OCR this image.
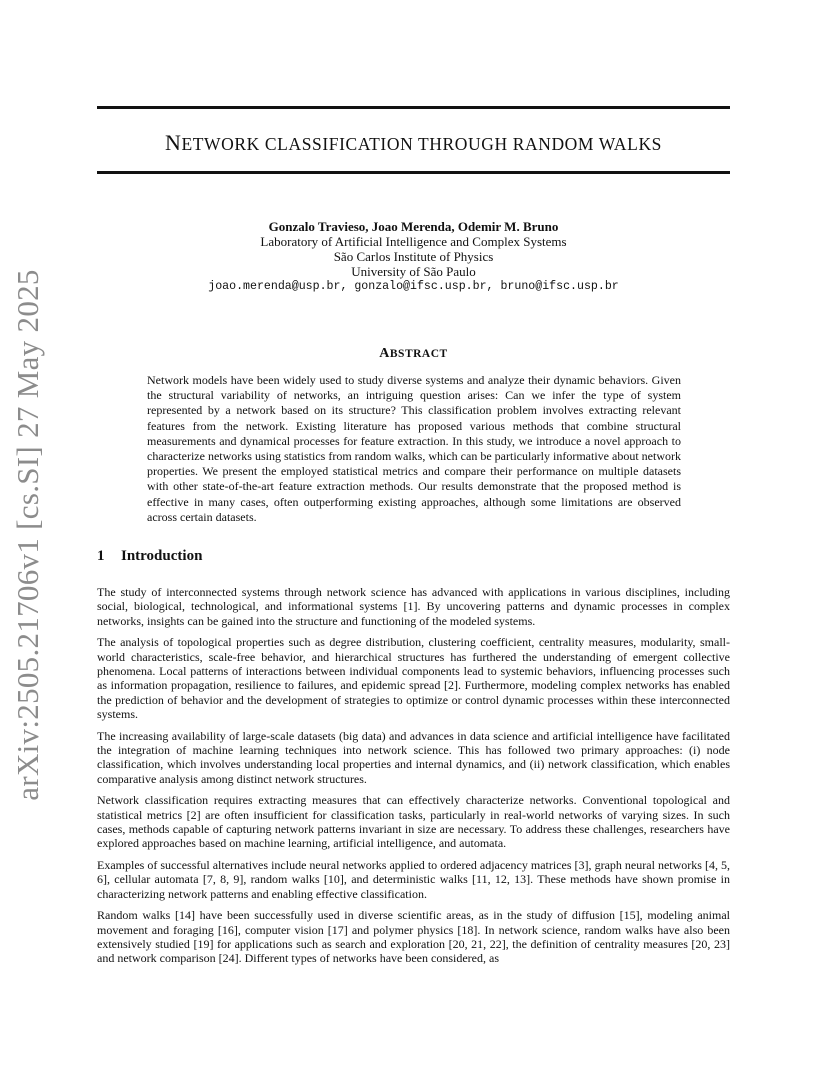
arXiv:2505.21706v1 [cs.SI] 27 May 2025
NETWORK CLASSIFICATION THROUGH RANDOM WALKS
Gonzalo Travieso, Joao Merenda, Odemir M. Bruno
Laboratory of Artificial Intelligence and Complex Systems
São Carlos Institute of Physics
University of São Paulo
joao.merenda@usp.br, gonzalo@ifsc.usp.br, bruno@ifsc.usp.br
ABSTRACT
Network models have been widely used to study diverse systems and analyze their dynamic behaviors. Given the structural variability of networks, an intriguing question arises: Can we infer the type of system represented by a network based on its structure? This classification problem involves extracting relevant features from the network. Existing literature has proposed various methods that combine structural measurements and dynamical processes for feature extraction. In this study, we introduce a novel approach to characterize networks using statistics from random walks, which can be particularly informative about network properties. We present the employed statistical metrics and compare their performance on multiple datasets with other state-of-the-art feature extraction methods. Our results demonstrate that the proposed method is effective in many cases, often outperforming existing approaches, although some limitations are observed across certain datasets.
1 Introduction

The study of interconnected systems through network science has advanced with applications in various disciplines, including social, biological, technological, and informational systems [1]. By uncovering patterns and dynamic processes in complex networks, insights can be gained into the structure and functioning of the modeled systems.

The analysis of topological properties such as degree distribution, clustering coefficient, centrality measures, modularity, small-world characteristics, scale-free behavior, and hierarchical structures has furthered the understanding of emergent collective phenomena. Local patterns of interactions between individual components lead to systemic behaviors, influencing processes such as information propagation, resilience to failures, and epidemic spread [2]. Furthermore, modeling complex networks has enabled the prediction of behavior and the development of strategies to optimize or control dynamic processes within these interconnected systems.

The increasing availability of large-scale datasets (big data) and advances in data science and artificial intelligence have facilitated the integration of machine learning techniques into network science. This has followed two primary approaches: (i) node classification, which involves understanding local properties and internal dynamics, and (ii) network classification, which enables comparative analysis among distinct network structures.

Network classification requires extracting measures that can effectively characterize networks. Conventional topological and statistical metrics [2] are often insufficient for classification tasks, particularly in real-world networks of varying sizes. In such cases, methods capable of capturing network patterns invariant in size are necessary. To address these challenges, researchers have explored approaches based on machine learning, artificial intelligence, and automata.

Examples of successful alternatives include neural networks applied to ordered adjacency matrices [3], graph neural networks [4, 5, 6], cellular automata [7, 8, 9], random walks [10], and deterministic walks [11, 12, 13]. These methods have shown promise in characterizing network patterns and enabling effective classification.

Random walks [14] have been successfully used in diverse scientific areas, as in the study of diffusion [15], modeling animal movement and foraging [16], computer vision [17] and polymer physics [18]. In network science, random walks have also been extensively studied [19] for applications such as search and exploration [20, 21, 22], the definition of centrality measures [20, 23] and network comparison [24]. Different types of networks have been considered, as
